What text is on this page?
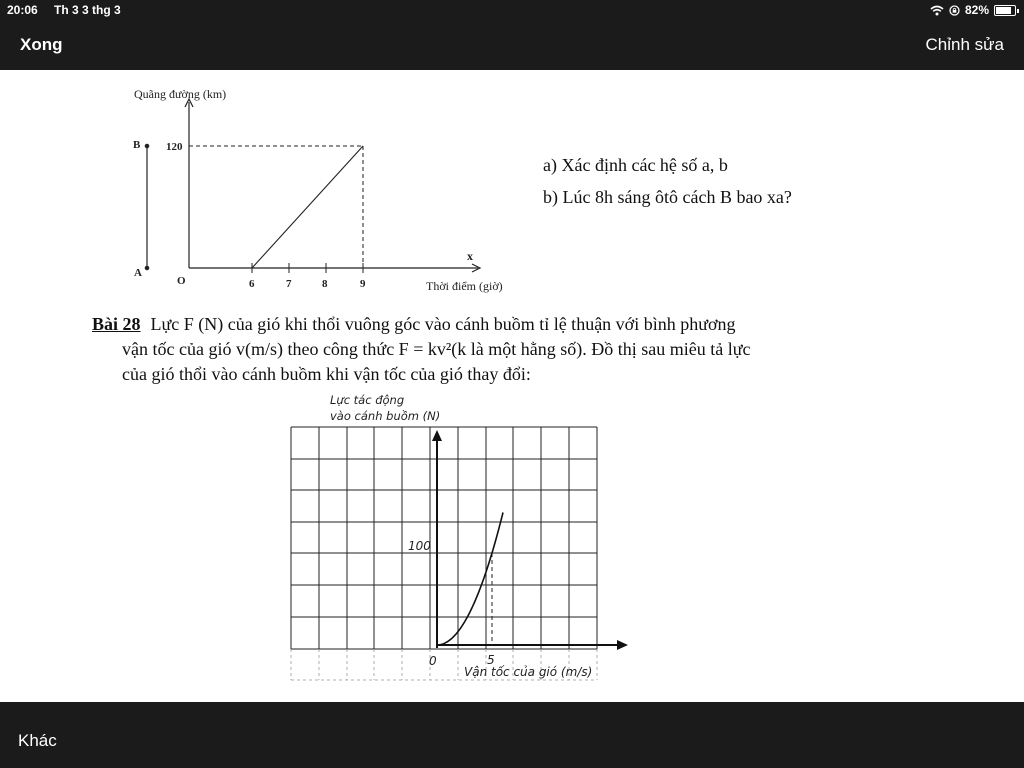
20:06 Th 3 3 thg 3	82%
Xong	Chỉnh sửa
Quãng đường (km)
B
A
O
x
120
6	7	8	9	Thời điểm (giờ)
Lực tác động
vào cánh buồm (N)
100
0	5
Vận tốc của gió (m/s)
a) Xác định các hệ số a, b
b) Lúc 8h sáng ôtô cách B bao xa?
Bài 28 Lực F (N) của gió khi thổi vuông góc vào cánh buồm tỉ lệ thuận với bình phương
vận tốc của gió v(m/s) theo công thức F = kv²(k là một hằng số). Đồ thị sau miêu tả lực
của gió thổi vào cánh buồm khi vận tốc của gió thay đổi:
Khác
